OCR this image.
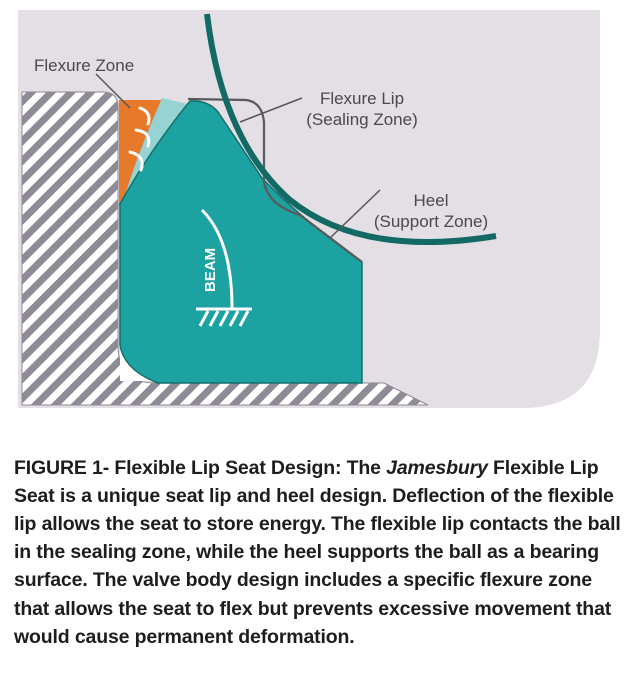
BEAM
Flexure Zone
Flexure Lip
(Sealing Zone)
Heel
(Support Zone)

FIGURE 1- Flexible Lip Seat Design: The Jamesbury Flexible Lip Seat is a unique seat lip and heel design. Deflection of the flexible lip allows the seat to store energy. The flexible lip contacts the ball in the sealing zone, while the heel supports the ball as a bearing surface. The valve body design includes a specific flexure zone that allows the seat to flex but prevents excessive movement that would cause permanent deformation.
